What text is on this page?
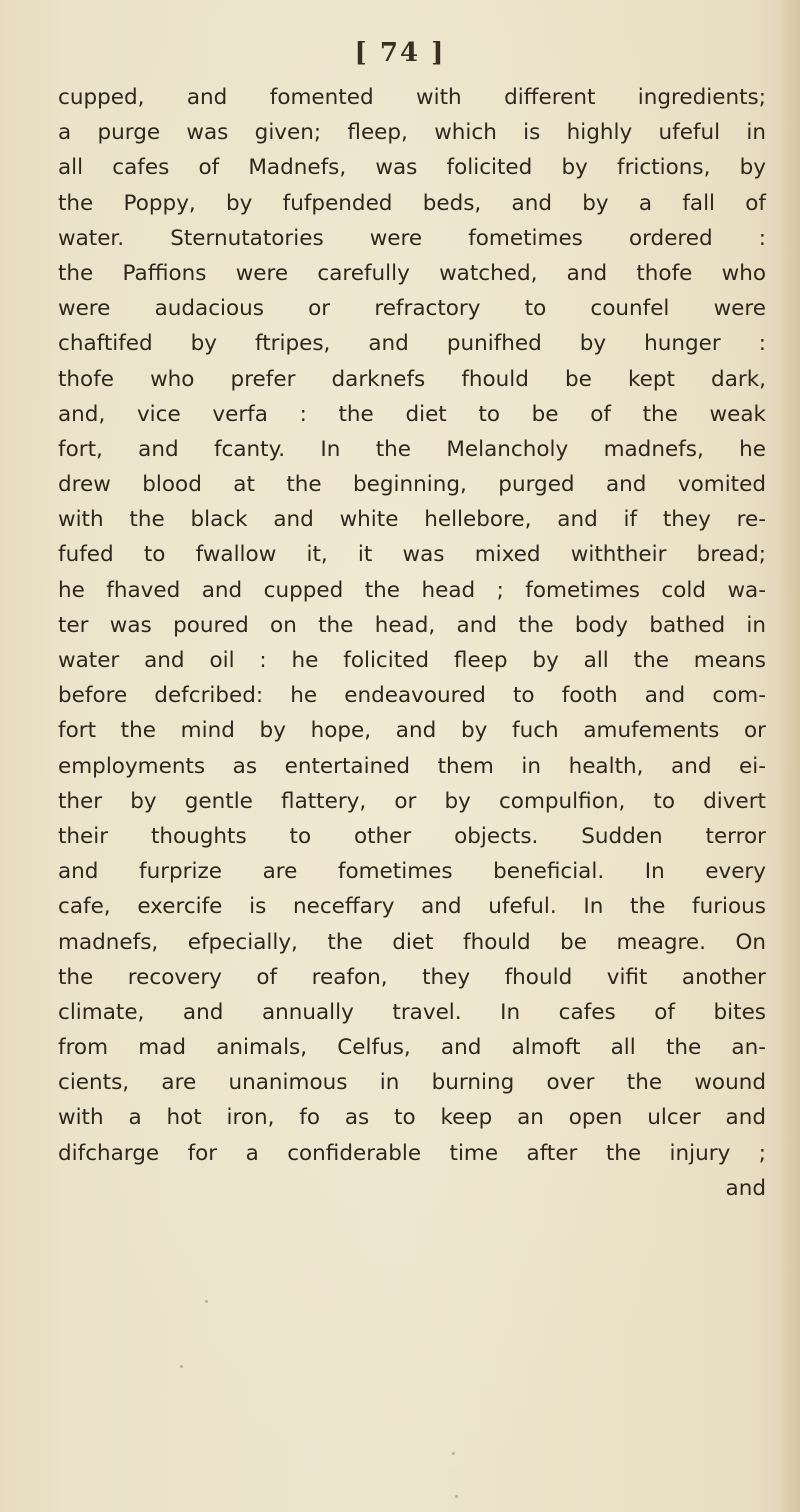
[ 74 ]
cupped, and fomented with different ingredients;
a purge was given; fleep, which is highly ufeful in
all cafes of Madnefs, was folicited by frictions, by
the Poppy, by fufpended beds, and by a fall of
water. Sternutatories were fometimes ordered :
the Paffions were carefully watched, and thofe who
were audacious or refractory to counfel were
chaftifed by ftripes, and punifhed by hunger :
thofe who prefer darknefs fhould be kept dark,
and, vice verfa : the diet to be of the weak
fort, and fcanty. In the Melancholy madnefs, he
drew blood at the beginning, purged and vomited
with the black and white hellebore, and if they re-
fufed to fwallow it, it was mixed withtheir bread;
he fhaved and cupped the head ; fometimes cold wa-
ter was poured on the head, and the body bathed in
water and oil : he folicited fleep by all the means
before defcribed: he endeavoured to footh and com-
fort the mind by hope, and by fuch amufements or
employments as entertained them in health, and ei-
ther by gentle flattery, or by compulfion, to divert
their thoughts to other objects. Sudden terror
and furprize are fometimes beneficial. In every
cafe, exercife is neceffary and ufeful. In the furious
madnefs, efpecially, the diet fhould be meagre. On
the recovery of reafon, they fhould vifit another
climate, and annually travel. In cafes of bites
from mad animals, Celfus, and almoft all the an-
cients, are unanimous in burning over the wound
with a hot iron, fo as to keep an open ulcer and
difcharge for a confiderable time after the injury ;
and
